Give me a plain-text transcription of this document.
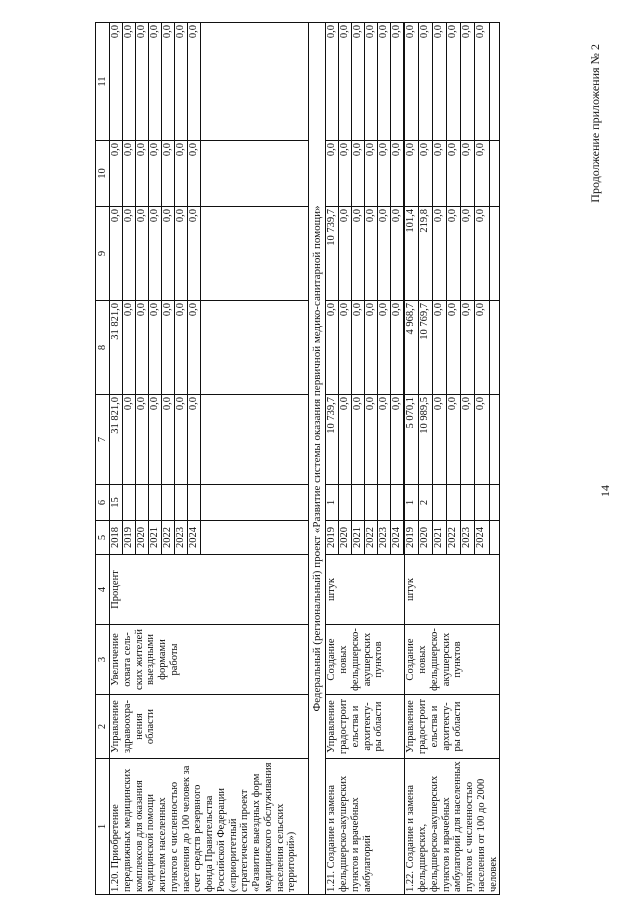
14
Продолжение приложения № 2
1	2	3	4	5	6	7	8	9	10	11
1.20. Приобретение передвижных медицинских комплексов для оказания медицинской помощи жителям населенных пунктов с численностью населения до 100 человек за счет средств резервного фонда Правительства Российской Федерации («приоритетный стратегический проект «Развитие выездных форм медицинского обслуживания населения сельских территорий»)	Управление здравоохра-нения области	Увеличение охвата сель-ских жителей выездными формами работы	Процент	2018	15	31 821,0	31 821,0	0,0	0,0	0,0
				2019		0,0	0,0	0,0	0,0	0,0
				2020		0,0	0,0	0,0	0,0	0,0
				2021		0,0	0,0	0,0	0,0	0,0
				2022		0,0	0,0	0,0	0,0	0,0
				2023		0,0	0,0	0,0	0,0	0,0
				2024		0,0	0,0	0,0	0,0	0,0

Федеральный (региональный) проект «Развитие системы оказания первичной медико-санитарной помощи»										
1.21. Создание и замена фельдшерско-акушерских пунктов и врачебных амбулаторий	Управление градостроит ельства и архитекту-ры области	Создание новых фельдшерско-акушерских пунктов	штук	2019	1	10 739,7	0,0	10 739,7	0,0	0,0
				2020		0,0	0,0	0,0	0,0	0,0
				2021		0,0	0,0	0,0	0,0	0,0
				2022		0,0	0,0	0,0	0,0	0,0
				2023		0,0	0,0	0,0	0,0	0,0
				2024		0,0	0,0	0,0	0,0	0,0

1.22. Создание и замена фельдшерских, фельдшерско-акушерских пунктов и врачебных амбулаторий для населенных пунктов с численностью населения от 100 до 2000 человек	Управление градостроит ельства и архитекту-ры области	Создание новых фельдшерско-акушерских пунктов	штук	2019	1	5 070,1	4 968,7	101,4	0,0	0,0
				2020	2	10 989,5	10 769,7	219,8	0,0	0,0
				2021		0,0	0,0	0,0	0,0	0,0
				2022		0,0	0,0	0,0	0,0	0,0
				2023		0,0	0,0	0,0	0,0	0,0
				2024		0,0	0,0	0,0	0,0	0,0
